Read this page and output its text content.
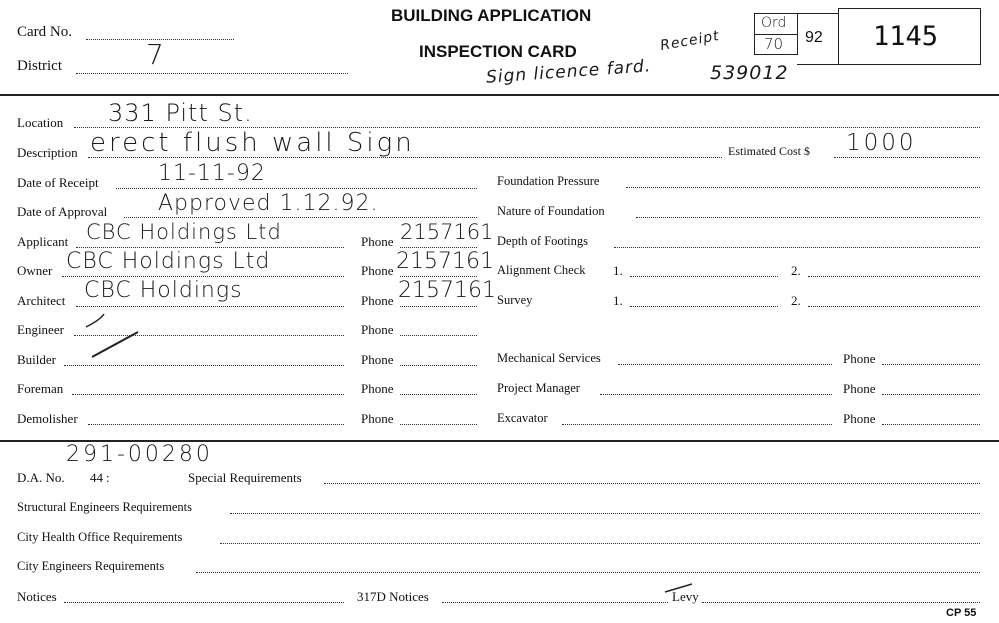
Card No.
District	7
BUILDING APPLICATION
INSPECTION CARD	Receipt
Sign licence fard.	539012
Ord
70 92 1145
Location 331 Pitt St.
Description erect flush wall Sign	Estimated Cost $ 1000
Date of Receipt	11-11-92
Date of Approval Approved 1.12.92.
Applicant CBC Holdings Ltd	Phone 2157161
Owner CBC Holdings Ltd	Phone 2157161
Architect CBC Holdings	Phone 2157161
Engineer	Phone
Builder	Phone
Foreman	Phone
Demolisher	Phone
Foundation Pressure
Nature of Foundation
Depth of Footings
Alignment Check 1.	2.
Survey	1.	2.
Mechanical Services	Phone
Project Manager	Phone
Excavator	Phone
291-00280
D.A. No. 44 :	Special Requirements
Structural Engineers Requirements
City Health Office Requirements
City Engineers Requirements
Notices	317D Notices	Levy
CP 55
